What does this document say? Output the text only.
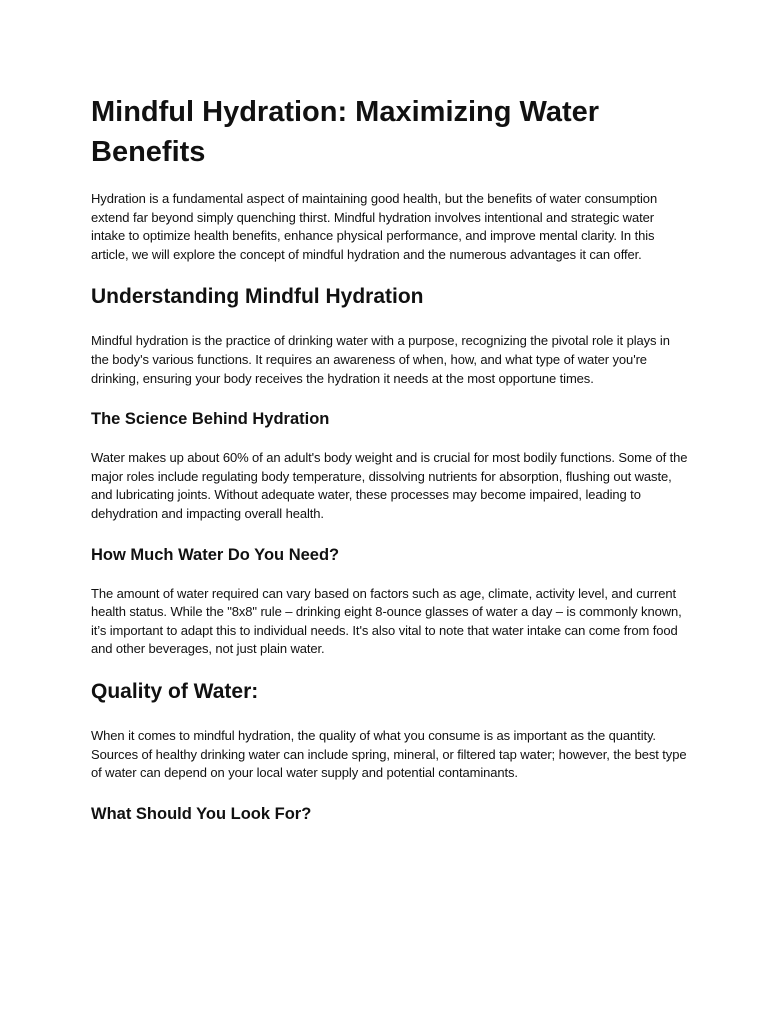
Mindful Hydration: Maximizing Water Benefits

Hydration is a fundamental aspect of maintaining good health, but the benefits of water consumption extend far beyond simply quenching thirst. Mindful hydration involves intentional and strategic water intake to optimize health benefits, enhance physical performance, and improve mental clarity. In this article, we will explore the concept of mindful hydration and the numerous advantages it can offer.

Understanding Mindful Hydration

Mindful hydration is the practice of drinking water with a purpose, recognizing the pivotal role it plays in the body's various functions. It requires an awareness of when, how, and what type of water you're drinking, ensuring your body receives the hydration it needs at the most opportune times.

The Science Behind Hydration

Water makes up about 60% of an adult's body weight and is crucial for most bodily functions. Some of the major roles include regulating body temperature, dissolving nutrients for absorption, flushing out waste, and lubricating joints. Without adequate water, these processes may become impaired, leading to dehydration and impacting overall health.

How Much Water Do You Need?

The amount of water required can vary based on factors such as age, climate, activity level, and current health status. While the "8x8" rule – drinking eight 8-ounce glasses of water a day – is commonly known, it’s important to adapt this to individual needs. It's also vital to note that water intake can come from food and other beverages, not just plain water.

Quality of Water:

When it comes to mindful hydration, the quality of what you consume is as important as the quantity. Sources of healthy drinking water can include spring, mineral, or filtered tap water; however, the best type of water can depend on your local water supply and potential contaminants.

What Should You Look For?
